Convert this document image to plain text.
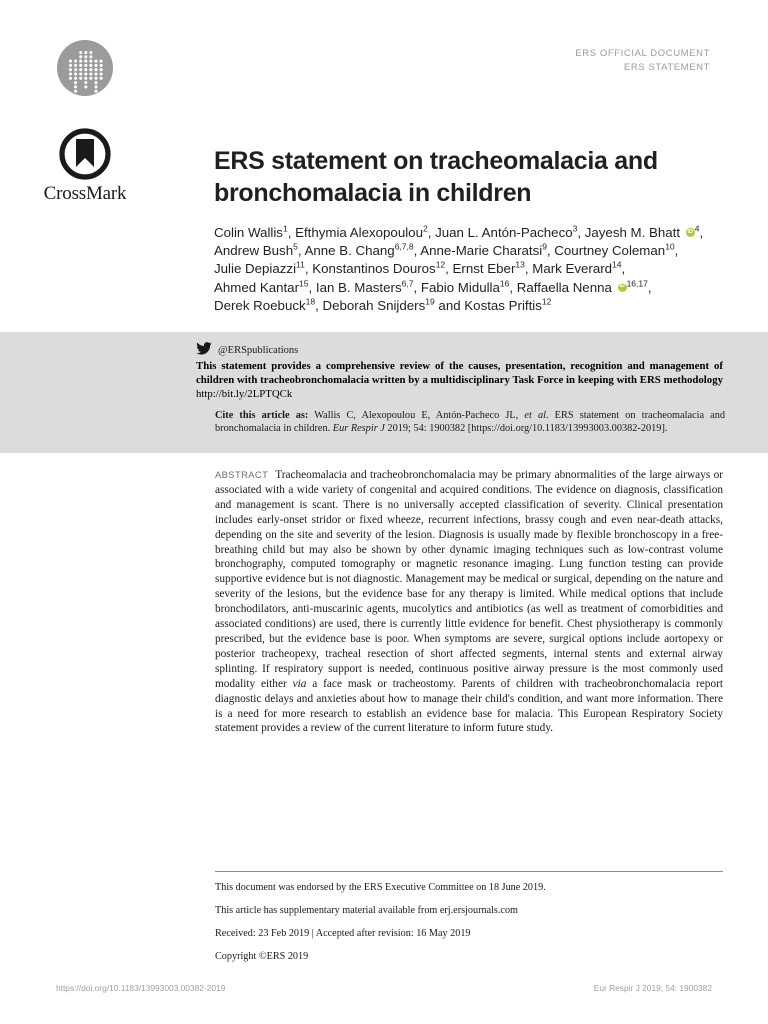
ERS OFFICIAL DOCUMENT
ERS STATEMENT
CrossMark
ERS statement on tracheomalacia and bronchomalacia in children
Colin Wallis$^1$, Efthymia Alexopoulou$^2$, Juan L. Antón-Pacheco$^3$, Jayesh M. Bhatt $iD^4$,
Andrew Bush$^5$, Anne B. Chang$^{6,7,8}$, Anne-Marie Charatsi$^9$, Courtney Coleman$^{10}$,
Julie Depiazzi$^{11}$, Konstantinos Douros$^{12}$, Ernst Eber$^{13}$, Mark Everard$^{14}$,
Ahmed Kantar$^{15}$, Ian B. Masters$^{6,7}$, Fabio Midulla$^{16}$, Raffaella Nenna iD$^{16,17}$,
Derek Roebuck$^{18}$, Deborah Snijders$^{19}$ and Kostas Priftis$^{12}$
@ERSpublications
This statement provides a comprehensive review of the causes, presentation, recognition and management of children with tracheobronchomalacia written by a multidisciplinary Task Force in keeping with ERS methodology http://bit.ly/2LPTQCk
Cite this article as: Wallis C, Alexopoulou E, Antón-Pacheco JL, et al. ERS statement on tracheomalacia and bronchomalacia in children. Eur Respir J 2019; 54: 1900382 [https://doi.org/10.1183/13993003.00382-2019].
ABSTRACT Tracheomalacia and tracheobronchomalacia may be primary abnormalities of the large airways or associated with a wide variety of congenital and acquired conditions. The evidence on diagnosis, classification and management is scant. There is no universally accepted classification of severity. Clinical presentation includes early-onset stridor or fixed wheeze, recurrent infections, brassy cough and even near-death attacks, depending on the site and severity of the lesion. Diagnosis is usually made by flexible bronchoscopy in a free-breathing child but may also be shown by other dynamic imaging techniques such as low-contrast volume bronchography, computed tomography or magnetic resonance imaging. Lung function testing can provide supportive evidence but is not diagnostic. Management may be medical or surgical, depending on the nature and severity of the lesions, but the evidence base for any therapy is limited. While medical options that include bronchodilators, anti-muscarinic agents, mucolytics and antibiotics (as well as treatment of comorbidities and associated conditions) are used, there is currently little evidence for benefit. Chest physiotherapy is commonly prescribed, but the evidence base is poor. When symptoms are severe, surgical options include aortopexy or posterior tracheopexy, tracheal resection of short affected segments, internal stents and external airway splinting. If respiratory support is needed, continuous positive airway pressure is the most commonly used modality either via a face mask or tracheostomy. Parents of children with tracheobronchomalacia report diagnostic delays and anxieties about how to manage their child's condition, and want more information. There is a need for more research to establish an evidence base for malacia. This European Respiratory Society statement provides a review of the current literature to inform future study.

This document was endorsed by the ERS Executive Committee on 18 June 2019.

This article has supplementary material available from erj.ersjournals.com

Received: 23 Feb 2019 | Accepted after revision: 16 May 2019

Copyright ©ERS 2019

https://doi.org/10.1183/13993003.00382-2019	Eur Respir J 2019; 54: 1900382
